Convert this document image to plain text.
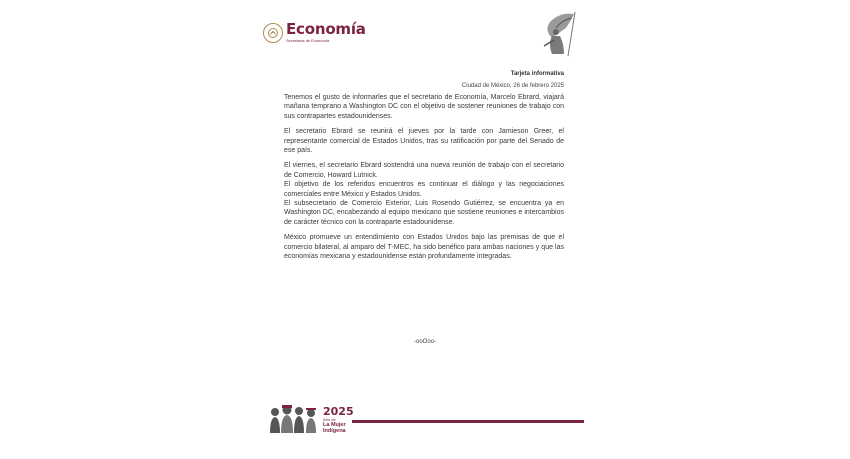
Economía
Secretaría de Economía
Tarjeta informativa
Ciudad de México, 26 de febrero 2025

Tenemos el gusto de informarles que el secretario de Economía, Marcelo Ebrard, viajará mañana temprano a Washington DC con el objetivo de sostener reuniones de trabajo con sus contrapartes estadounidenses.

El secretario Ebrard se reunirá el jueves por la tarde con Jamieson Greer, el representante comercial de Estados Unidos, tras su ratificación por parte del Senado de ese país.

El viernes, el secretario Ebrard sostendrá una nueva reunión de trabajo con el secretario de Comercio, Howard Lutnick.

El objetivo de los referidos encuentros es continuar el diálogo y las negociaciones comerciales entre México y Estados Unidos.

El subsecretario de Comercio Exterior, Luis Rosendo Gutiérrez, se encuentra ya en Washington DC, encabezando al equipo mexicano que sostiene reuniones e intercambios de carácter técnico con la contraparte estadounidense.

México promueve un entendimiento con Estados Unidos bajo las premisas de que el comercio bilateral, al amparo del T-MEC, ha sido benéfico para ambas naciones y que las economías mexicana y estadounidense están profundamente integradas.

-ooOoo-
2025
Año de
La Mujer
Indígena
